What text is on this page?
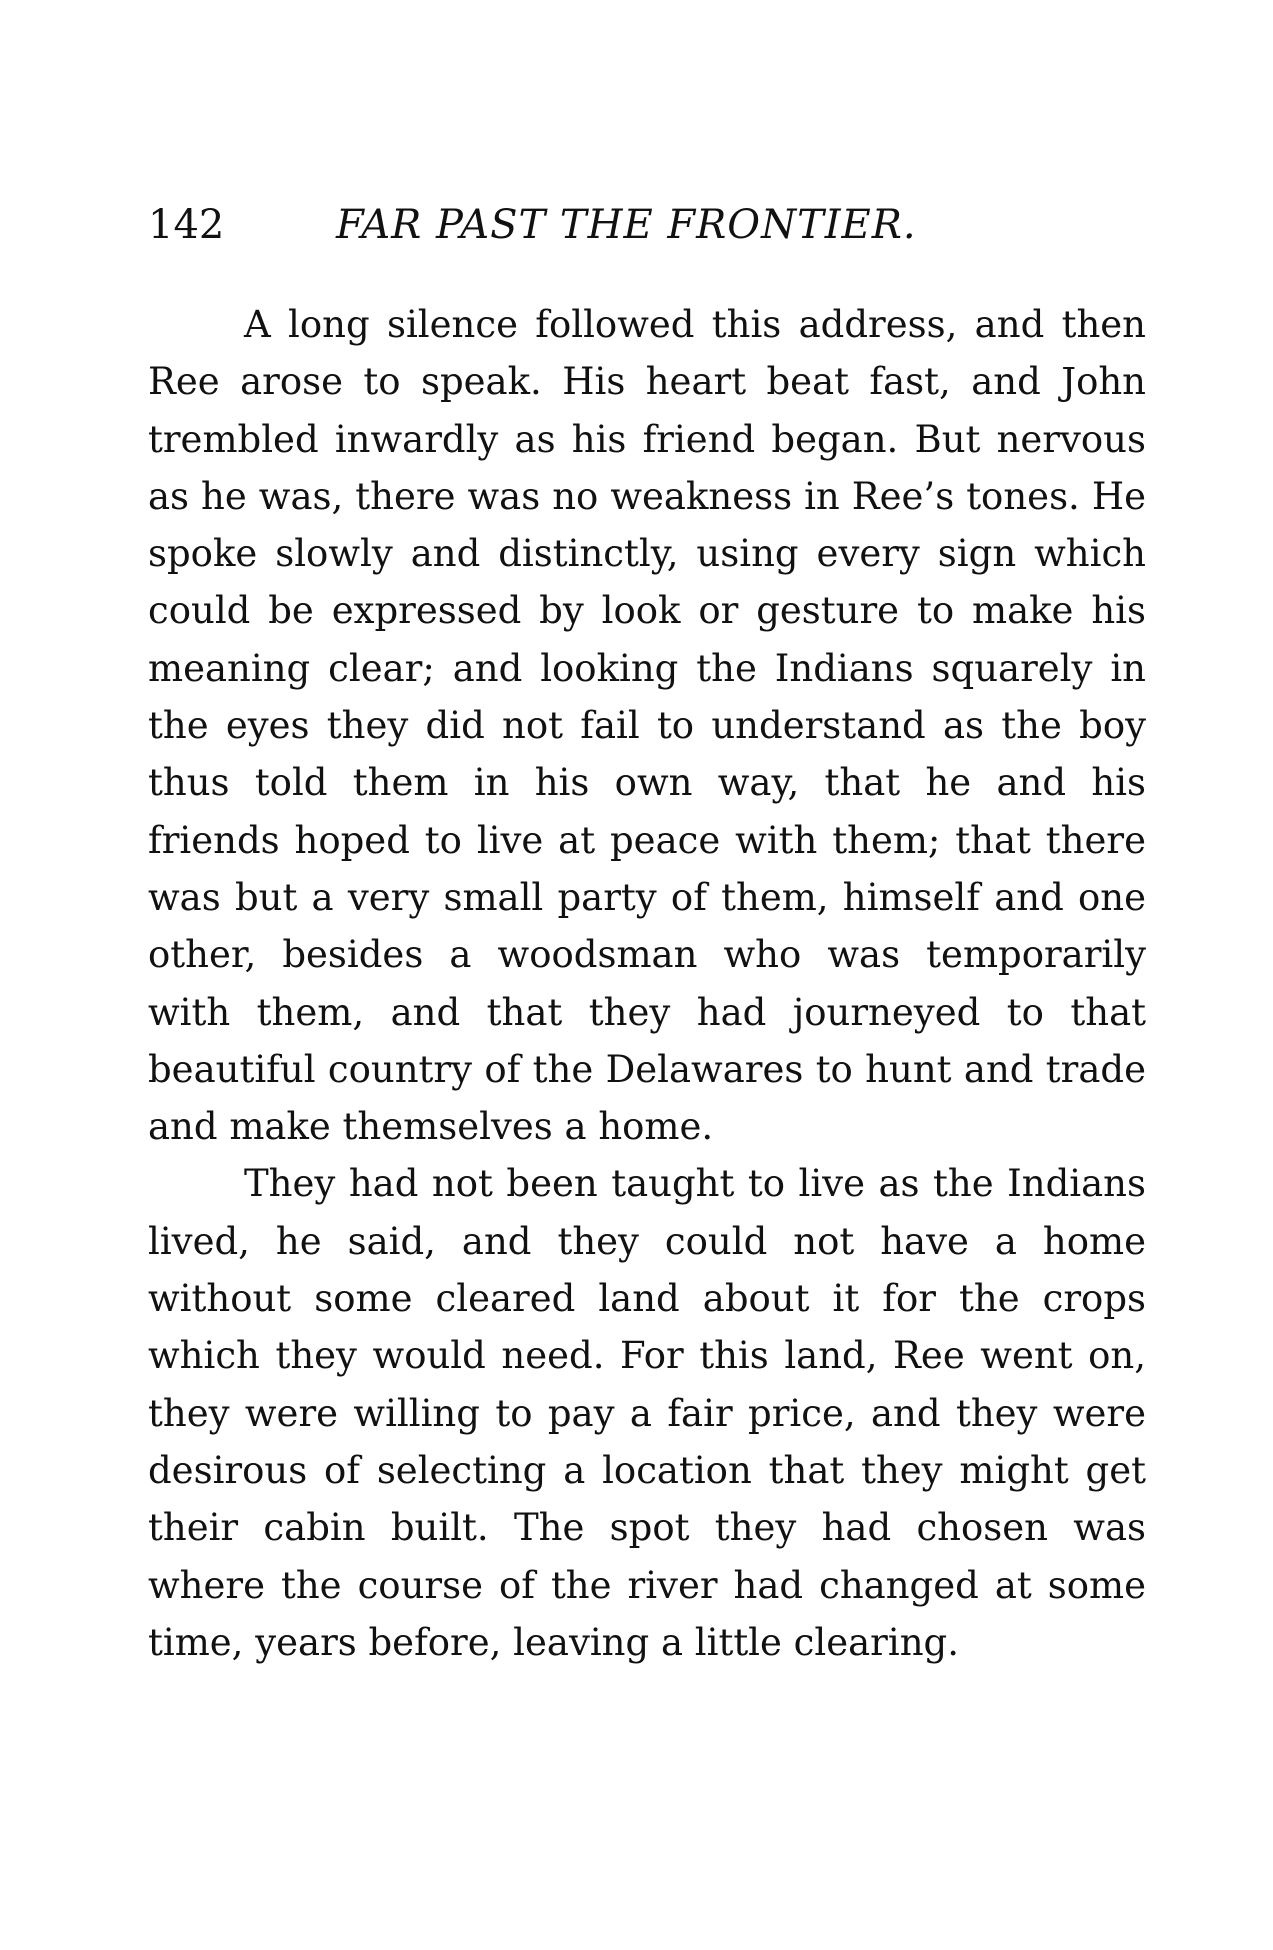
142	FAR PAST THE FRONTIER.

A long silence followed this address, and then Ree arose to speak. His heart beat fast, and John trembled inwardly as his friend began. But nervous as he was, there was no weakness in Ree’s tones. He spoke slowly and distinctly, using every sign which could be expressed by look or gesture to make his meaning clear; and looking the Indians squarely in the eyes they did not fail to understand as the boy thus told them in his own way, that he and his friends hoped to live at peace with them; that there was but a very small party of them, himself and one other, besides a woodsman who was temporarily with them, and that they had journeyed to that beautiful country of the Delawares to hunt and trade and make themselves a home.

They had not been taught to live as the Indians lived, he said, and they could not have a home without some cleared land about it for the crops which they would need. For this land, Ree went on, they were willing to pay a fair price, and they were desirous of selecting a location that they might get their cabin built. The spot they had chosen was where the course of the river had changed at some time, years before, leaving a little clearing.
